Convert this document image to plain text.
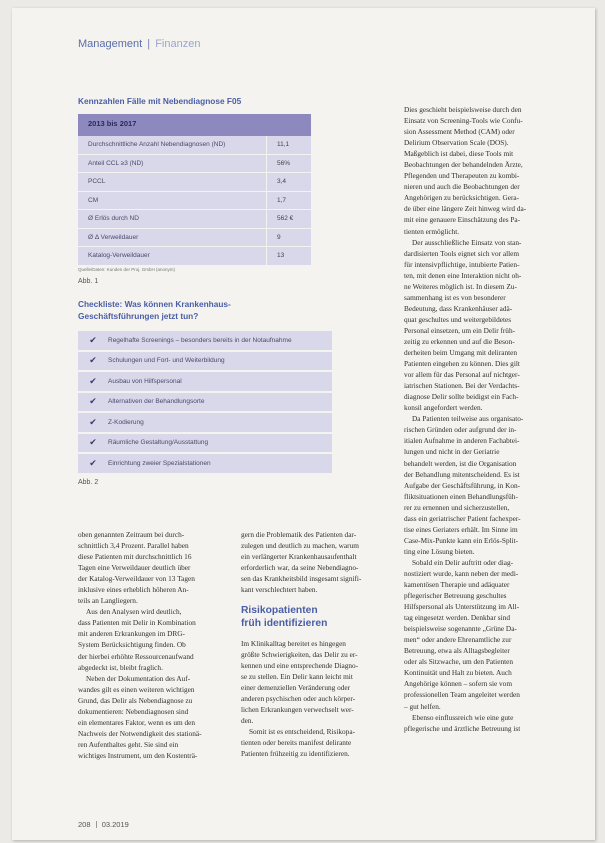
Management | Finanzen
Kennzahlen Fälle mit Nebendiagnose F05
2013 bis 2017
Durchschnittliche Anzahl Nebendiagnosen (ND)	11,1
Anteil CCL ≥3 (ND)	56%
PCCL	3,4
CM	1,7
Ø Erlös durch ND	562 €
Ø Δ Verweildauer	9
Katalog-Verweildauer	13
Quelle/Daten: Kunden der Proj. GmbH (anonym)
Abb. 1
Checkliste: Was können Krankenhaus-
Geschäftsführungen jetzt tun?
✔	Regelhafte Screenings – besonders bereits in der Notaufnahme
✔	Schulungen und Fort- und Weiterbildung
✔	Ausbau von Hilfspersonal
✔	Alternativen der Behandlungsorte
✔	Z-Kodierung
✔	Räumliche Gestaltung/Ausstattung
✔	Einrichtung zweier Spezialstationen
Abb. 2
oben genannten Zeitraum bei durch-
schnittlich 3,4 Prozent. Parallel haben
diese Patienten mit durchschnittlich 16
Tagen eine Verweildauer deutlich über
der Katalog-Verweildauer von 13 Tagen
inklusive eines erheblich höheren An-
teils an Langliegern.
Aus den Analysen wird deutlich,
dass Patienten mit Delir in Kombination
mit anderen Erkrankungen im DRG-
System Berücksichtigung finden. Ob
der hierbei erhöhte Ressourcenaufwand
abgedeckt ist, bleibt fraglich.
Neben der Dokumentation des Auf-
wandes gilt es einen weiteren wichtigen
Grund, das Delir als Nebendiagnose zu
dokumentieren: Nebendiagnosen sind
ein elementares Faktor, wenn es um den
Nachweis der Notwendigkeit des stationä-
ren Aufenthaltes geht. Sie sind ein
wichtiges Instrument, um den Kostenträ-
gern die Problematik des Patienten dar-
zulegen und deutlich zu machen, warum
ein verlängerter Krankenhausaufenthalt
erforderlich war, da seine Nebendiagno-
sen das Krankheitsbild insgesamt signifi-
kant verschlechtert haben.
Risikopatienten
früh identifizieren
Im Klinikalltag bereitet es hingegen
größte Schwierigkeiten, das Delir zu er-
kennen und eine entsprechende Diagno-
se zu stellen. Ein Delir kann leicht mit
einer demenziellen Veränderung oder
anderen psychischen oder auch körper-
lichen Erkrankungen verwechselt wer-
den.
Somit ist es entscheidend, Risikopa-
tienten oder bereits manifest delirante
Patienten frühzeitig zu identifizieren.
Dies geschieht beispielsweise durch den
Einsatz von Screening-Tools wie Confu-
sion Assessment Method (CAM) oder
Delirium Observation Scale (DOS).
Maßgeblich ist dabei, diese Tools mit
Beobachtungen der behandelnden Ärzte,
Pflegenden und Therapeuten zu kombi-
nieren und auch die Beobachtungen der
Angehörigen zu berücksichtigen. Gera-
de über eine längere Zeit hinweg wird da-
mit eine genauere Einschätzung des Pa-
tienten ermöglicht.
Der ausschließliche Einsatz von stan-
dardisierten Tools eignet sich vor allem
für intensivpflichtige, intubierte Patien-
ten, mit denen eine Interaktion nicht oh-
ne Weiteres möglich ist. In diesem Zu-
sammenhang ist es von besonderer
Bedeutung, dass Krankenhäuser adä-
quat geschultes und weitergebildetes
Personal einsetzen, um ein Delir früh-
zeitig zu erkennen und auf die Beson-
derheiten beim Umgang mit deliranten
Patienten eingehen zu können. Dies gilt
vor allem für das Personal auf nichtger-
iatrischen Stationen. Bei der Verdachts-
diagnose Delir sollte beidigst ein Fach-
konsil angefordert werden.
Da Patienten teilweise aus organisato-
rischen Gründen oder aufgrund der in-
itialen Aufnahme in anderen Fachabtei-
lungen und nicht in der Geriatrie
behandelt werden, ist die Organisation
der Behandlung mitentscheidend. Es ist
Aufgabe der Geschäftsführung, in Kon-
fliktsituationen einen Behandlungsfüh-
rer zu ernennen und sicherzustellen,
dass ein geriatrischer Patient fachexper-
tise eines Geriaters erhält. Im Sinne im
Case-Mix-Punkte kann ein Erlös-Split-
ting eine Lösung bieten.
Sobald ein Delir auftritt oder diag-
nostiziert wurde, kann neben der medi-
kamentösen Therapie und adäquater
pflegerischer Betreuung geschultes
Hilfspersonal als Unterstützung im All-
tag eingesetzt werden. Denkbar sind
beispielsweise sogenannte „Grüne Da-
men“ oder andere Ehrenamtliche zur
Betreuung, etwa als Alltagsbegleiter
oder als Sitzwache, um den Patienten
Kontinuität und Halt zu bieten. Auch
Angehörige können – sofern sie vom
professionellen Team angeleitet werden
– gut helfen.
Ebenso einflussreich wie eine gute
pflegerische und ärztliche Betreuung ist
208 03.2019
